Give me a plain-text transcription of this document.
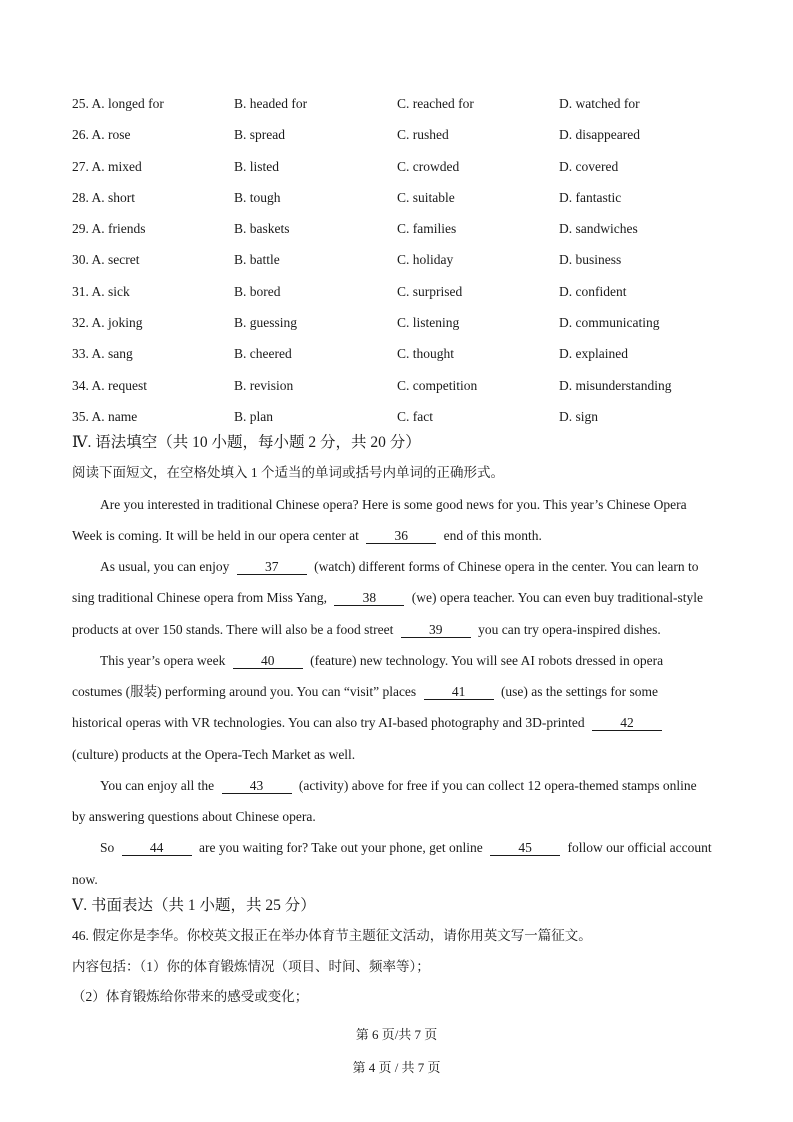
25. A. longed for	B. headed for	C. reached for	D. watched for
26. A. rose	B. spread	C. rushed	D. disappeared
27. A. mixed	B. listed	C. crowded	D. covered
28. A. short	B. tough	C. suitable	D. fantastic
29. A. friends	B. baskets	C. families	D. sandwiches
30. A. secret	B. battle	C. holiday	D. business
31. A. sick	B. bored	C. surprised	D. confident
32. A. joking	B. guessing	C. listening	D. communicating
33. A. sang	B. cheered	C. thought	D. explained
34. A. request	B. revision	C. competition	D. misunderstanding
35. A. name	B. plan	C. fact	D. sign
Ⅳ. 语法填空（共 10 小题，每小题 2 分，共 20 分）
阅读下面短文，在空格处填入 1 个适当的单词或括号内单词的正确形式。
Are you interested in traditional Chinese opera? Here is some good news for you. This year’s Chinese Opera
Week is coming. It will be held in our opera center at 36 end of this month.
As usual, you can enjoy 37 (watch) different forms of Chinese opera in the center. You can learn to
sing traditional Chinese opera from Miss Yang, 38 (we) opera teacher. You can even buy traditional-style
products at over 150 stands. There will also be a food street 39 you can try opera-inspired dishes.
This year’s opera week 40 (feature) new technology. You will see AI robots dressed in opera
costumes (服装) performing around you. You can “visit” places 41 (use) as the settings for some
historical operas with VR technologies. You can also try AI-based photography and 3D-printed 42
(culture) products at the Opera-Tech Market as well.
You can enjoy all the 43 (activity) above for free if you can collect 12 opera-themed stamps online
by answering questions about Chinese opera.
So 44 are you waiting for? Take out your phone, get online 45 follow our official account
now.
Ⅴ. 书面表达（共 1 小题，共 25 分）
46. 假定你是李华。你校英文报正在举办体育节主题征文活动，请你用英文写一篇征文。
内容包括：（1）你的体育锻炼情况（项目、时间、频率等）；
（2）体育锻炼给你带来的感受或变化；
第 6 页/共 7 页
第 4 页 / 共 7 页
